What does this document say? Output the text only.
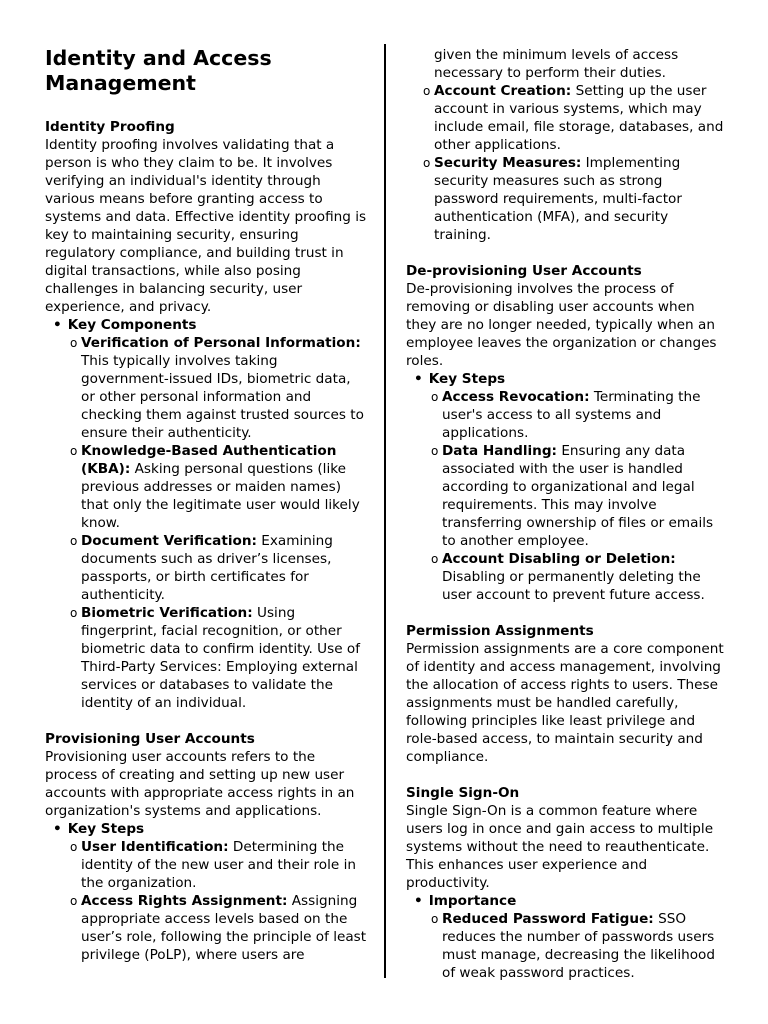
Identity and Access Management
Identity Proofing

Identity proofing involves validating that a person is who they claim to be. It involves verifying an individual's identity through various means before granting access to systems and data. Effective identity proofing is key to maintaining security, ensuring regulatory compliance, and building trust in digital transactions, while also posing challenges in balancing security, user experience, and privacy.

• Key Components
o Verification of Personal Information: This typically involves taking government-issued IDs, biometric data, or other personal information and checking them against trusted sources to ensure their authenticity.
o Knowledge-Based Authentication (KBA): Asking personal questions (like previous addresses or maiden names) that only the legitimate user would likely know.
o Document Verification: Examining documents such as driver’s licenses, passports, or birth certificates for authenticity.
o Biometric Verification: Using fingerprint, facial recognition, or other biometric data to confirm identity. Use of Third-Party Services: Employing external services or databases to validate the identity of an individual.
Provisioning User Accounts

Provisioning user accounts refers to the process of creating and setting up new user accounts with appropriate access rights in an organization's systems and applications.

• Key Steps
o User Identification: Determining the identity of the new user and their role in the organization.
o Access Rights Assignment: Assigning appropriate access levels based on the user’s role, following the principle of least privilege (PoLP), where users are

given the minimum levels of access necessary to perform their duties.

o Account Creation: Setting up the user account in various systems, which may include email, file storage, databases, and other applications.
o Security Measures: Implementing security measures such as strong password requirements, multi-factor authentication (MFA), and security training.
De-provisioning User Accounts

De-provisioning involves the process of removing or disabling user accounts when they are no longer needed, typically when an employee leaves the organization or changes roles.

• Key Steps
o Access Revocation: Terminating the user's access to all systems and applications.
o Data Handling: Ensuring any data associated with the user is handled according to organizational and legal requirements. This may involve transferring ownership of files or emails to another employee.
o Account Disabling or Deletion: Disabling or permanently deleting the user account to prevent future access.
Permission Assignments

Permission assignments are a core component of identity and access management, involving the allocation of access rights to users. These assignments must be handled carefully, following principles like least privilege and role-based access, to maintain security and compliance.

Single Sign-On

Single Sign-On is a common feature where users log in once and gain access to multiple systems without the need to reauthenticate. This enhances user experience and productivity.

• Importance
o Reduced Password Fatigue: SSO reduces the number of passwords users must manage, decreasing the likelihood of weak password practices.
